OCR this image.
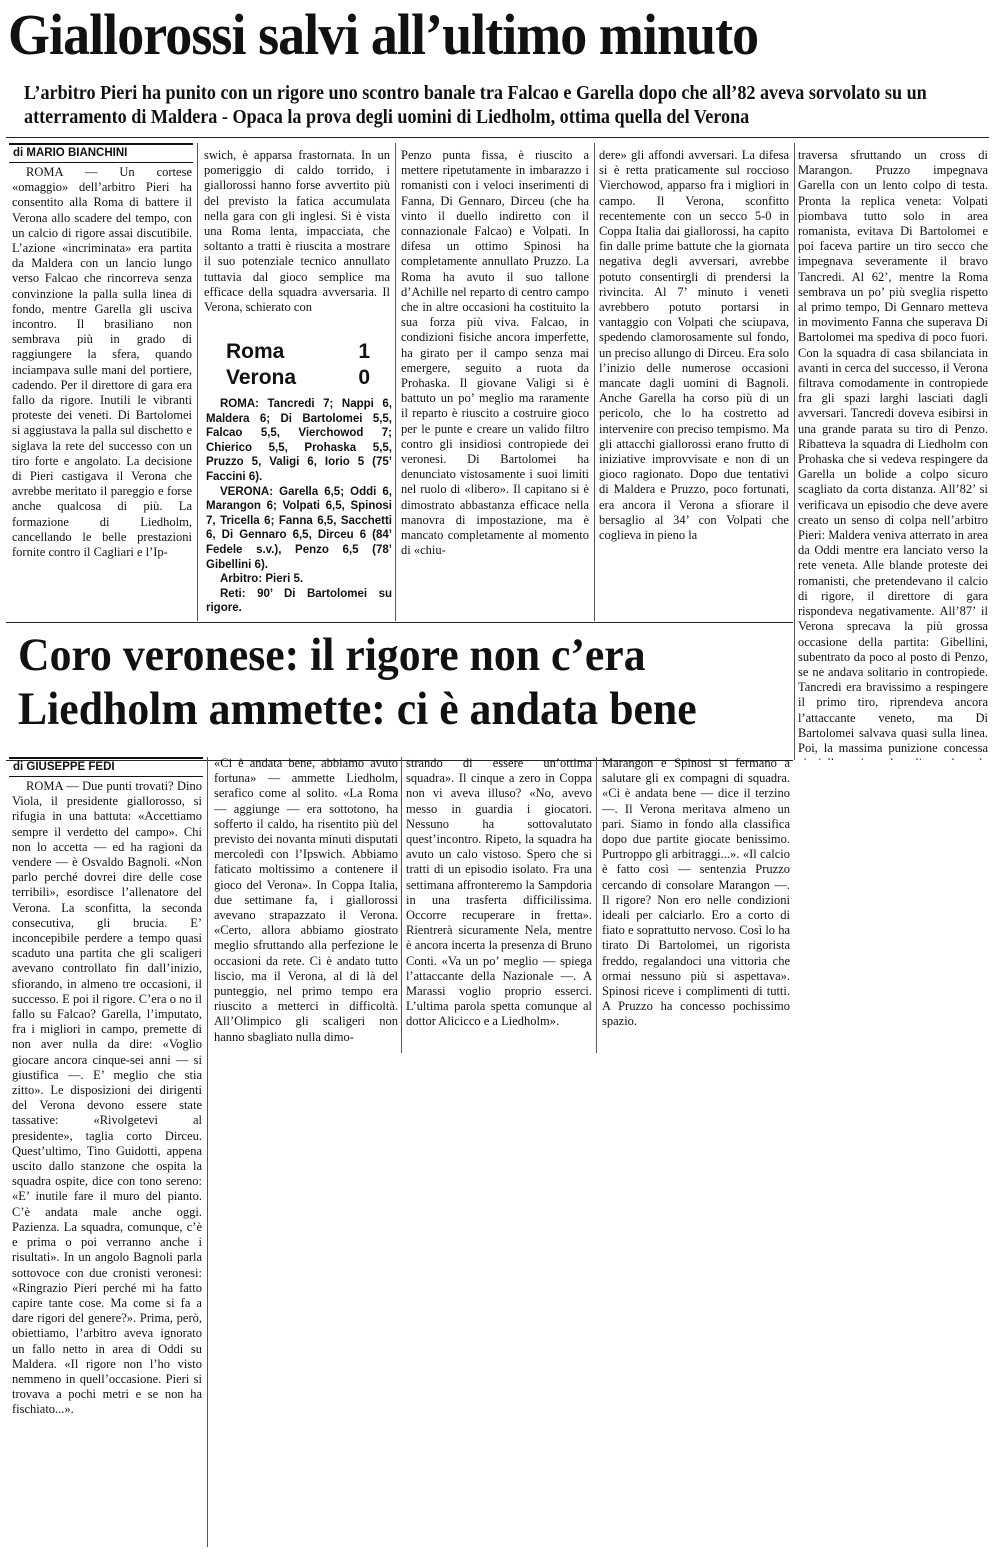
Giallorossi salvi all’ultimo minuto
L’arbitro Pieri ha punito con un rigore uno scontro banale tra Falcao e Garella dopo che all’82 aveva sorvolato su un atterramento di Maldera - Opaca la prova degli uomini di Liedholm, ottima quella del Verona
di MARIO BIANCHINI

ROMA — Un cortese «omaggio» dell’arbitro Pieri ha consentito alla Roma di battere il Verona allo scadere del tempo, con un calcio di rigore assai discutibile. L’azione «incriminata» era partita da Maldera con un lancio lungo verso Falcao che rincorreva senza convinzione la palla sulla linea di fondo, mentre Garella gli usciva incontro. Il brasiliano non sembrava più in grado di raggiungere la sfera, quando inciampava sulle mani del portiere, cadendo. Per il direttore di gara era fallo da rigore. Inutili le vibranti proteste dei veneti. Di Bartolomei si aggiustava la palla sul dischetto e siglava la rete del successo con un tiro forte e angolato. La decisione di Pieri castigava il Verona che avrebbe meritato il pareggio e forse anche qualcosa di più. La formazione di Liedholm, cancellando le belle prestazioni fornite contro il Cagliari e l’Ip-

swich, è apparsa frastornata. In un pomeriggio di caldo torrido, i giallorossi hanno forse avvertito più del previsto la fatica accumulata nella gara con gli inglesi. Si è vista una Roma lenta, impacciata, che soltanto a tratti è riuscita a mostrare il suo potenziale tecnico annullato tuttavia dal gioco semplice ma efficace della squadra avversaria. Il Verona, schierato con

Roma	1
Verona	0

ROMA: Tancredi 7; Nappi 6, Maldera 6; Di Bartolomei 5,5, Falcao 5,5, Vierchowod 7; Chierico 5,5, Prohaska 5,5, Pruzzo 5, Valigi 6, Iorio 5 (75’ Faccini 6).

VERONA: Garella 6,5; Oddi 6, Marangon 6; Volpati 6,5, Spinosi 7, Tricella 6; Fanna 6,5, Sacchetti 6, Di Gennaro 6,5, Dirceu 6 (84’ Fedele s.v.), Penzo 6,5 (78’ Gibellini 6).

Arbitro: Pieri 5.

Reti: 90’ Di Bartolomei su rigore.

Penzo punta fissa, è riuscito a mettere ripetutamente in imbarazzo i romanisti con i veloci inserimenti di Fanna, Di Gennaro, Dirceu (che ha vinto il duello indiretto con il connazionale Falcao) e Volpati. In difesa un ottimo Spinosi ha completamente annullato Pruzzo. La Roma ha avuto il suo tallone d’Achille nel reparto di centro campo che in altre occasioni ha costituito la sua forza più viva. Falcao, in condizioni fisiche ancora imperfette, ha girato per il campo senza mai emergere, seguito a ruota da Prohaska. Il giovane Valigi si è battuto un po’ meglio ma raramente il reparto è riuscito a costruire gioco per le punte e creare un valido filtro contro gli insidiosi contropiede dei veronesi. Di Bartolomei ha denunciato vistosamente i suoi limiti nel ruolo di «libero». Il capitano si è dimostrato abbastanza efficace nella manovra di impostazione, ma è mancato completamente al momento di «chiu-

dere» gli affondi avversari. La difesa si è retta praticamente sul roccioso Vierchowod, apparso fra i migliori in campo. Il Verona, sconfitto recentemente con un secco 5-0 in Coppa Italia dai giallorossi, ha capito fin dalle prime battute che la giornata negativa degli avversari, avrebbe potuto consentirgli di prendersi la rivincita. Al 7’ minuto i veneti avrebbero potuto portarsi in vantaggio con Volpati che sciupava, spedendo clamorosamente sul fondo, un preciso allungo di Dirceu. Era solo l’inizio delle numerose occasioni mancate dagli uomini di Bagnoli. Anche Garella ha corso più di un pericolo, che lo ha costretto ad intervenire con preciso tempismo. Ma gli attacchi giallorossi erano frutto di iniziative improvvisate e non di un gioco ragionato. Dopo due tentativi di Maldera e Pruzzo, poco fortunati, era ancora il Verona a sfiorare il bersaglio al 34’ con Volpati che coglieva in pieno la

Coro veronese: il rigore non c’era
Liedholm ammette: ci è andata bene

traversa sfruttando un cross di Marangon. Pruzzo impegnava Garella con un lento colpo di testa. Pronta la replica veneta: Volpati piombava tutto solo in area romanista, evitava Di Bartolomei e poi faceva partire un tiro secco che impegnava severamente il bravo Tancredi. Al 62’, mentre la Roma sembrava un po’ più sveglia rispetto al primo tempo, Di Gennaro metteva in movimento Fanna che superava Di Bartolomei ma spediva di poco fuori. Con la squadra di casa sbilanciata in avanti in cerca del successo, il Verona filtrava comodamente in contropiede fra gli spazi larghi lasciati dagli avversari. Tancredi doveva esibirsi in una grande parata su tiro di Penzo. Ribatteva la squadra di Liedholm con Prohaska che si vedeva respingere da Garella un bolide a colpo sicuro scagliato da corta distanza. All’82’ si verificava un episodio che deve avere creato un senso di colpa nell’arbitro Pieri: Maldera veniva atterrato in area da Oddi mentre era lanciato verso la rete veneta. Alle blande proteste dei romanisti, che pretendevano il calcio di rigore, il direttore di gara rispondeva negativamente. All’87’ il Verona sprecava la più grossa occasione della partita: Gibellini, subentrato da poco al posto di Penzo, se ne andava solitario in contropiede. Tancredi era bravissimo a respingere il primo tiro, riprendeva ancora l’attaccante veneto, ma Di Bartolomei salvava quasi sulla linea. Poi, la massima punizione concessa

di GIUSEPPE FEDI

ROMA — Due punti trovati? Dino Viola, il presidente giallorosso, si rifugia in una battuta: «Accettiamo sempre il verdetto del campo». Chi non lo accetta — ed ha ragioni da vendere — è Osvaldo Bagnoli. «Non parlo perché dovrei dire delle cose terribili», esordisce l’allenatore del Verona. La sconfitta, la seconda consecutiva, gli brucia. E’ inconcepibile perdere a tempo quasi scaduto una partita che gli scaligeri avevano controllato fin dall’inizio, sfiorando, in almeno tre occasioni, il successo. E poi il rigore. C’era o no il fallo su Falcao? Garella, l’imputato, fra i migliori in campo, premette di non aver nulla da dire: «Voglio giocare ancora cinque-sei anni — si giustifica —. E’ meglio che stia zitto». Le disposizioni dei dirigenti del Verona devono essere state tassative: «Rivolgetevi al presidente», taglia corto Dirceu. Quest’ultimo, Tino Guidotti, appena uscito dallo stanzone che ospita la squadra ospite, dice con tono sereno: «E’ inutile fare il muro del pianto. C’è andata male anche oggi. Pazienza. La squadra, comunque, c’è e prima o poi verranno anche i risultati». In un angolo Bagnoli parla sottovoce con due cronisti veronesi: «Ringrazio Pieri perché mi ha fatto capire tante cose. Ma come si fa a dare rigori del genere?». Prima, però, obiettiamo, l’arbitro aveva ignorato un fallo netto in area di Oddi su Maldera. «Il rigore non l’ho visto nemmeno in quell’occasione. Pieri si trovava a pochi metri e se non ha fischiato...».

«Ci è andata bene, abbiamo avuto fortuna» — ammette Liedholm, serafico come al solito. «La Roma — aggiunge — era sottotono, ha sofferto il caldo, ha risentito più del previsto dei novanta minuti disputati mercoledì con l’Ipswich. Abbiamo faticato moltissimo a contenere il gioco del Verona». In Coppa Italia, due settimane fa, i giallorossi avevano strapazzato il Verona. «Certo, allora abbiamo giostrato meglio sfruttando alla perfezione le occasioni da rete. Ci è andato tutto liscio, ma il Verona, al di là del punteggio, nel primo tempo era riuscito a metterci in difficoltà. All’Olimpico gli scaligeri non hanno sbagliato nulla dimo-

strando di essere un’ottima squadra». Il cinque a zero in Coppa non vi aveva illuso? «No, avevo messo in guardia i giocatori. Nessuno ha sottovalutato quest’incontro. Ripeto, la squadra ha avuto un calo vistoso. Spero che si tratti di un episodio isolato. Fra una settimana affronteremo la Sampdoria in una trasferta difficilissima. Occorre recuperare in fretta». Rientrerà sicuramente Nela, mentre è ancora incerta la presenza di Bruno Conti. «Va un po’ meglio — spiega l’attaccante della Nazionale —. A Marassi voglio proprio esserci. L’ultima parola spetta comunque al dottor Alicicco e a Liedholm».

Marangon e Spinosi si fermano a salutare gli ex compagni di squadra. «Ci è andata bene — dice il terzino —. Il Verona meritava almeno un pari. Siamo in fondo alla classifica dopo due partite giocate benissimo. Purtroppo gli arbitraggi...». «Il calcio è fatto così — sentenzia Pruzzo cercando di consolare Marangon —. Il rigore? Non ero nelle condizioni ideali per calciarlo. Ero a corto di fiato e soprattutto nervoso. Così lo ha tirato Di Bartolomei, un rigorista freddo, regalandoci una vittoria che ormai nessuno più si aspettava». Spinosi riceve i complimenti di tutti. A Pruzzo ha concesso pochissimo spazio.
